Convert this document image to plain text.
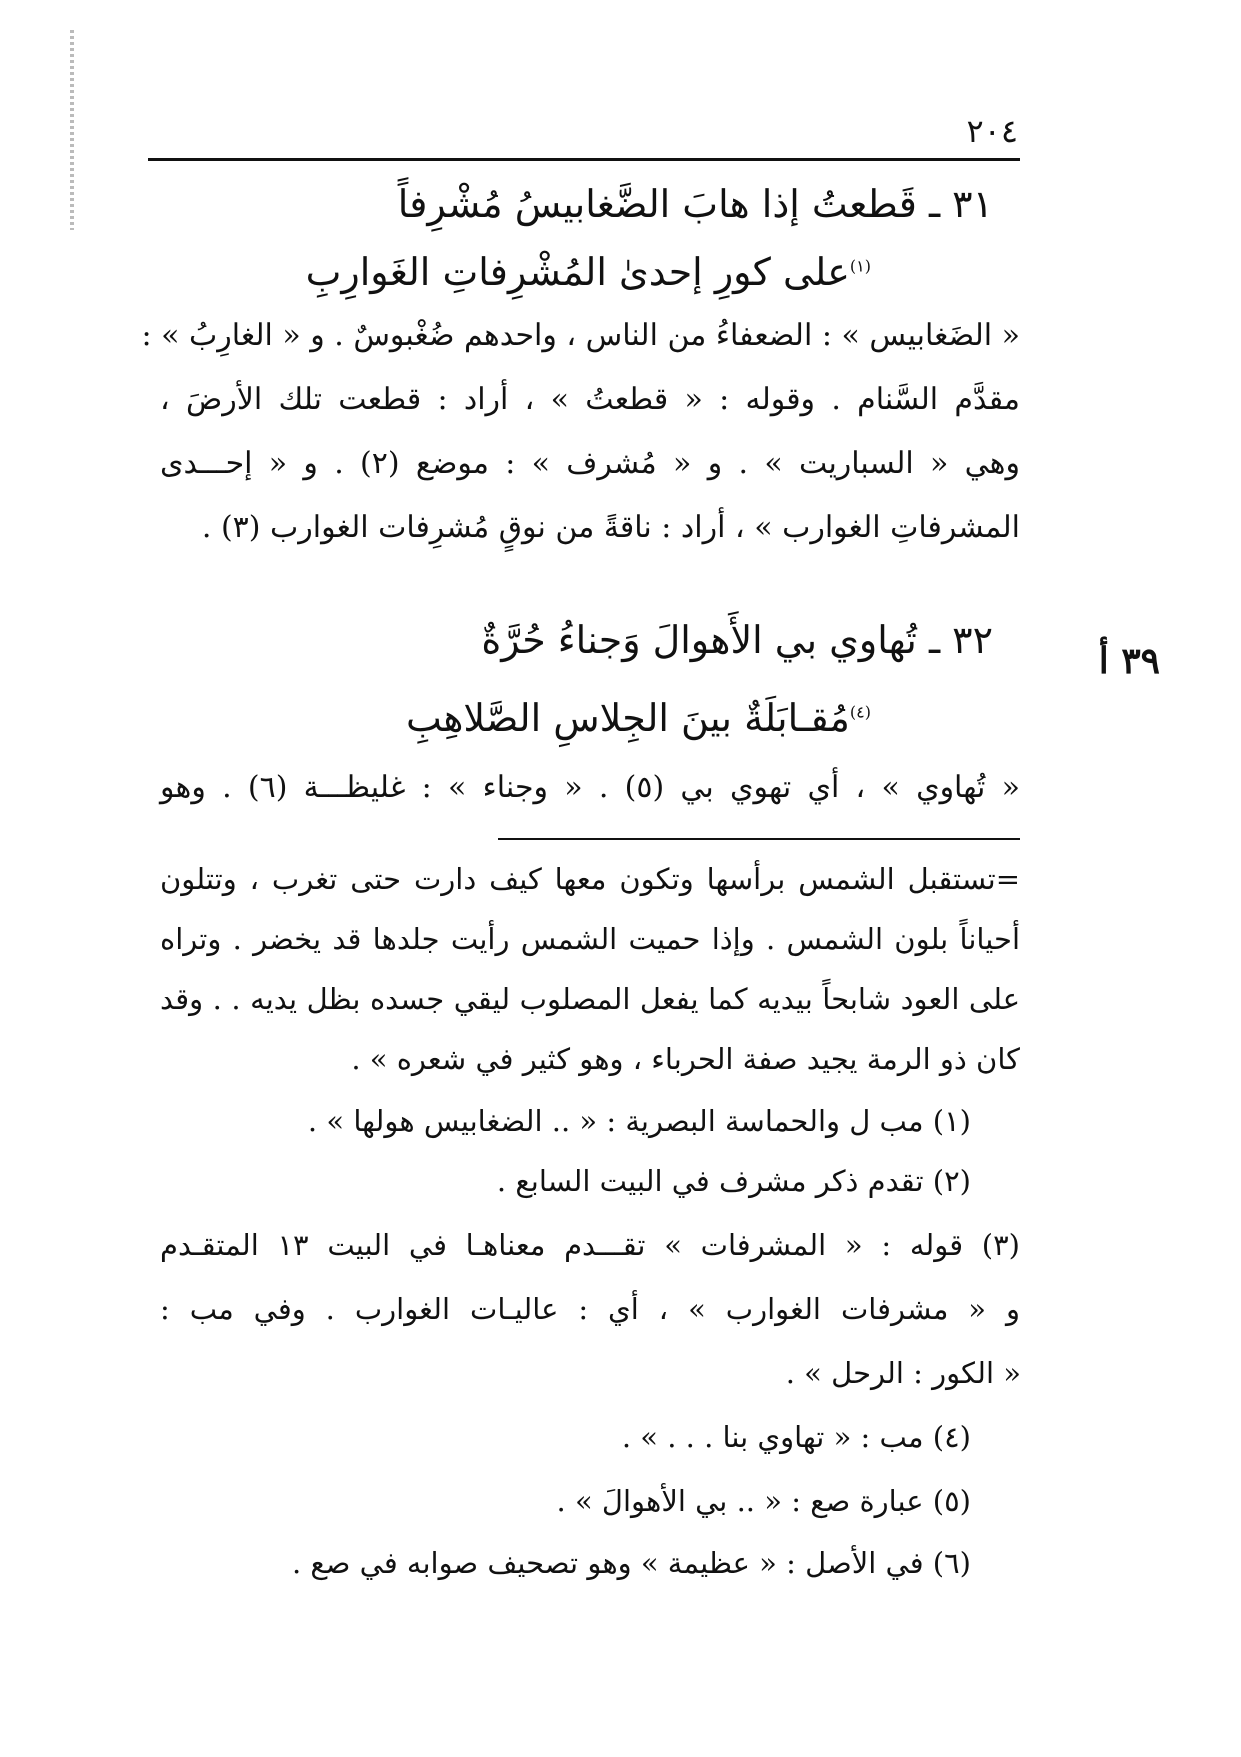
٢٠٤
٣١ ـ قَطعتُ إذا هابَ الضَّغابيسُ مُشْرِفاً
$^{(١)}$على كورِ إحدىٰ المُشْرِفاتِ الغَوارِبِ
« الضَغابيس » : الضعفاءُ من الناس ، واحدهم ضُغْبوسٌ . و « الغارِبُ » :
مقدَّم السَّنام . وقوله : « قطعتُ » ، أراد : قطعت تلك الأرضَ ،
وهي « السباريت » . و « مُشرف » : موضع (٢) . و « إحـــدى
المشرفاتِ الغوارب » ، أراد : ناقةً من نوقٍ مُشرِفات الغوارب (٣) .
٣٩ أ
٣٢ ـ تُهاوي بي الأَهوالَ وَجناءُ حُرَّةٌ
$^{(٤)}$مُقـابَلَةٌ بينَ الجِلاسِ الصَّلاهِبِ
« تُهاوي » ، أي تهوي بي (٥) . « وجناء » : غليظـــة (٦) . وهو
=تستقبل الشمس برأسها وتكون معها كيف دارت حتى تغرب ، وتتلون
أحياناً بلون الشمس . وإذا حميت الشمس رأيت جلدها قد يخضر . وتراه
على العود شابحاً بيديه كما يفعل المصلوب ليقي جسده بظل يديه . . وقد
كان ذو الرمة يجيد صفة الحرباء ، وهو كثير في شعره » .
(١) مب ل والحماسة البصرية : « .. الضغابيس هولها » .
(٢) تقدم ذكر مشرف في البيت السابع .
(٣) قوله : « المشرفات » تقـــدم معناهـا في البيت ١٣ المتقـدم
و « مشرفات الغوارب » ، أي : عاليـات الغوارب . وفي مب :
« الكور : الرحل » .
(٤) مب : « تهاوي بنا . . . » .
(٥) عبارة صع : « .. بي الأهوالَ » .
(٦) في الأصل : « عظيمة » وهو تصحيف صوابه في صع .
